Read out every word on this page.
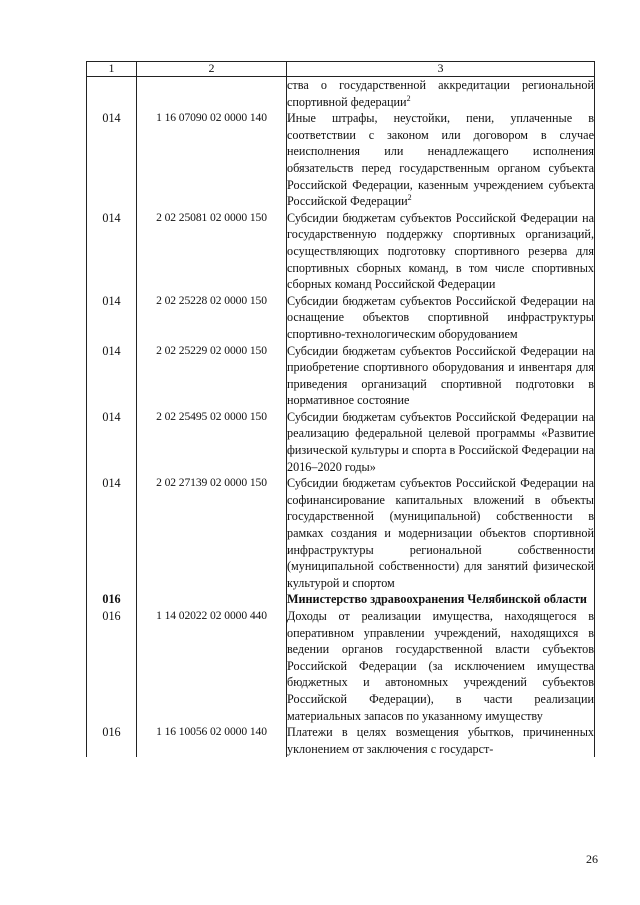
1	2	3
		ства о государственной аккредитации региональной спортивной федерации$^2$
014	1 16 07090 02 0000 140	Иные штрафы, неустойки, пени, уплаченные в соответствии с законом или договором в случае неисполнения или ненадлежащего исполнения обязательств перед государственным органом субъекта Российской Федерации, казенным учреждением субъекта Российской Федерации$^2$
014	2 02 25081 02 0000 150	Субсидии бюджетам субъектов Российской Федерации на государственную поддержку спортивных организаций, осуществляющих подготовку спортивного резерва для спортивных сборных команд, в том числе спортивных сборных команд Российской Федерации
014	2 02 25228 02 0000 150	Субсидии бюджетам субъектов Российской Федерации на оснащение объектов спортивной инфраструктуры спортивно-технологическим оборудованием
014	2 02 25229 02 0000 150	Субсидии бюджетам субъектов Российской Федерации на приобретение спортивного оборудования и инвентаря для приведения организаций спортивной подготовки в нормативное состояние
014	2 02 25495 02 0000 150	Субсидии бюджетам субъектов Российской Федерации на реализацию федеральной целевой программы «Развитие физической культуры и спорта в Российской Федерации на 2016–2020 годы»
014	2 02 27139 02 0000 150	Субсидии бюджетам субъектов Российской Федерации на софинансирование капитальных вложений в объекты государственной (муниципальной) собственности в рамках создания и модернизации объектов спортивной инфраструктуры региональной собственности (муниципальной собственности) для занятий физической культурой и спортом
016		Министерство здравоохранения Челябинской области
016	1 14 02022 02 0000 440	Доходы от реализации имущества, находящегося в оперативном управлении учреждений, находящихся в ведении органов государственной власти субъектов Российской Федерации (за исключением имущества бюджетных и автономных учреждений субъектов Российской Федерации), в части реализации материальных запасов по указанному имуществу
016	1 16 10056 02 0000 140	Платежи в целях возмещения убытков, причиненных уклонением от заключения с государст-
26
